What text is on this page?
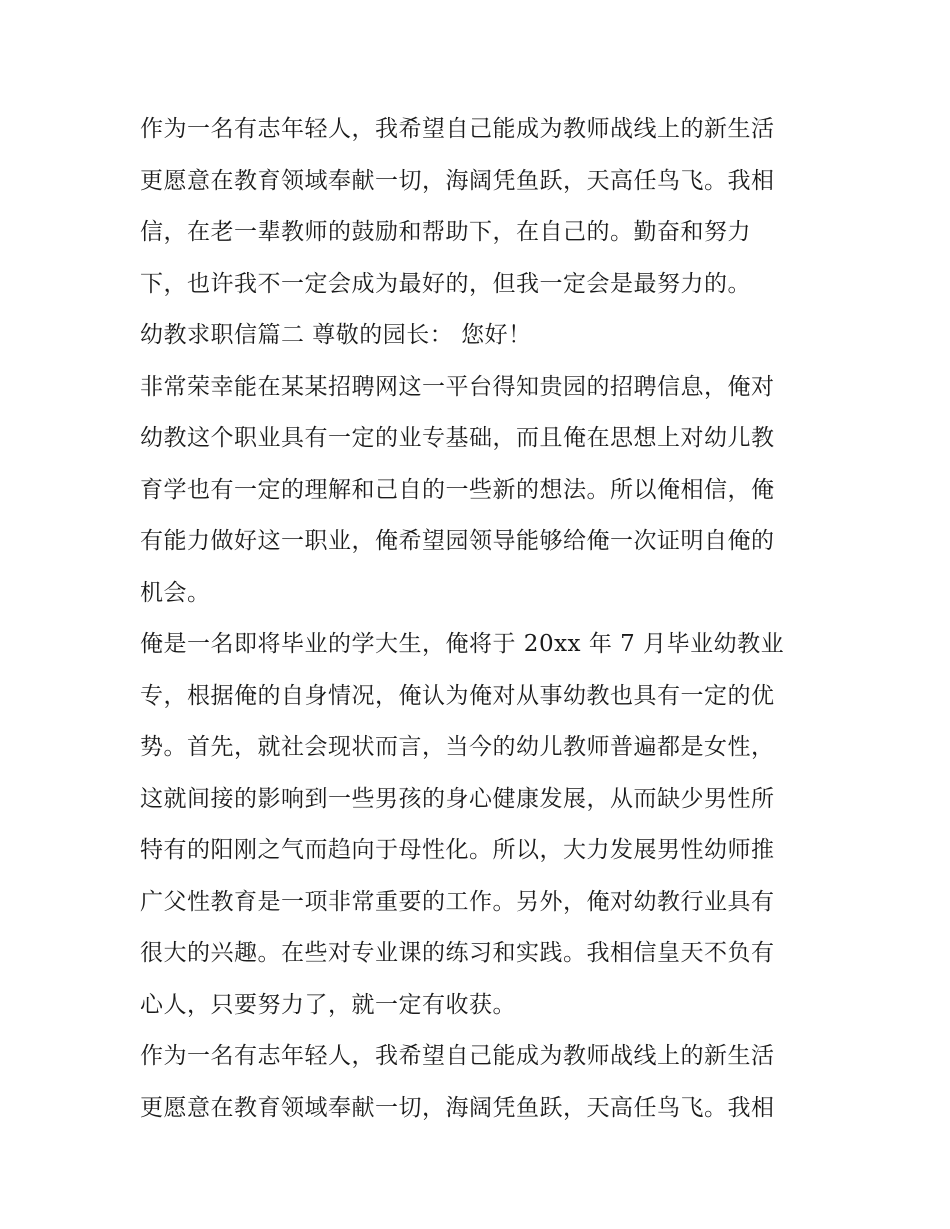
作为一名有志年轻人，我希望自己能成为教师战线上的新生活
更愿意在教育领域奉献一切，海阔凭鱼跃，天高任鸟飞。我相
信，在老一辈教师的鼓励和帮助下，在自己的。勤奋和努力
下，也许我不一定会成为最好的，但我一定会是最努力的。

幼教求职信篇二 尊敬的园长： 您好！

非常荣幸能在某某招聘网这一平台得知贵园的招聘信息，俺对
幼教这个职业具有一定的业专基础，而且俺在思想上对幼儿教
育学也有一定的理解和己自的一些新的想法。所以俺相信，俺
有能力做好这一职业，俺希望园领导能够给俺一次证明自俺的
机会。

俺是一名即将毕业的学大生，俺将于 20xx 年 7 月毕业幼教业
专，根据俺的自身情况，俺认为俺对从事幼教也具有一定的优
势。首先，就社会现状而言，当今的幼儿教师普遍都是女性，
这就间接的影响到一些男孩的身心健康发展，从而缺少男性所
特有的阳刚之气而趋向于母性化。所以，大力发展男性幼师推
广父性教育是一项非常重要的工作。另外，俺对幼教行业具有
很大的兴趣。在些对专业课的练习和实践。我相信皇天不负有
心人，只要努力了，就一定有收获。

作为一名有志年轻人，我希望自己能成为教师战线上的新生活
更愿意在教育领域奉献一切，海阔凭鱼跃，天高任鸟飞。我相
